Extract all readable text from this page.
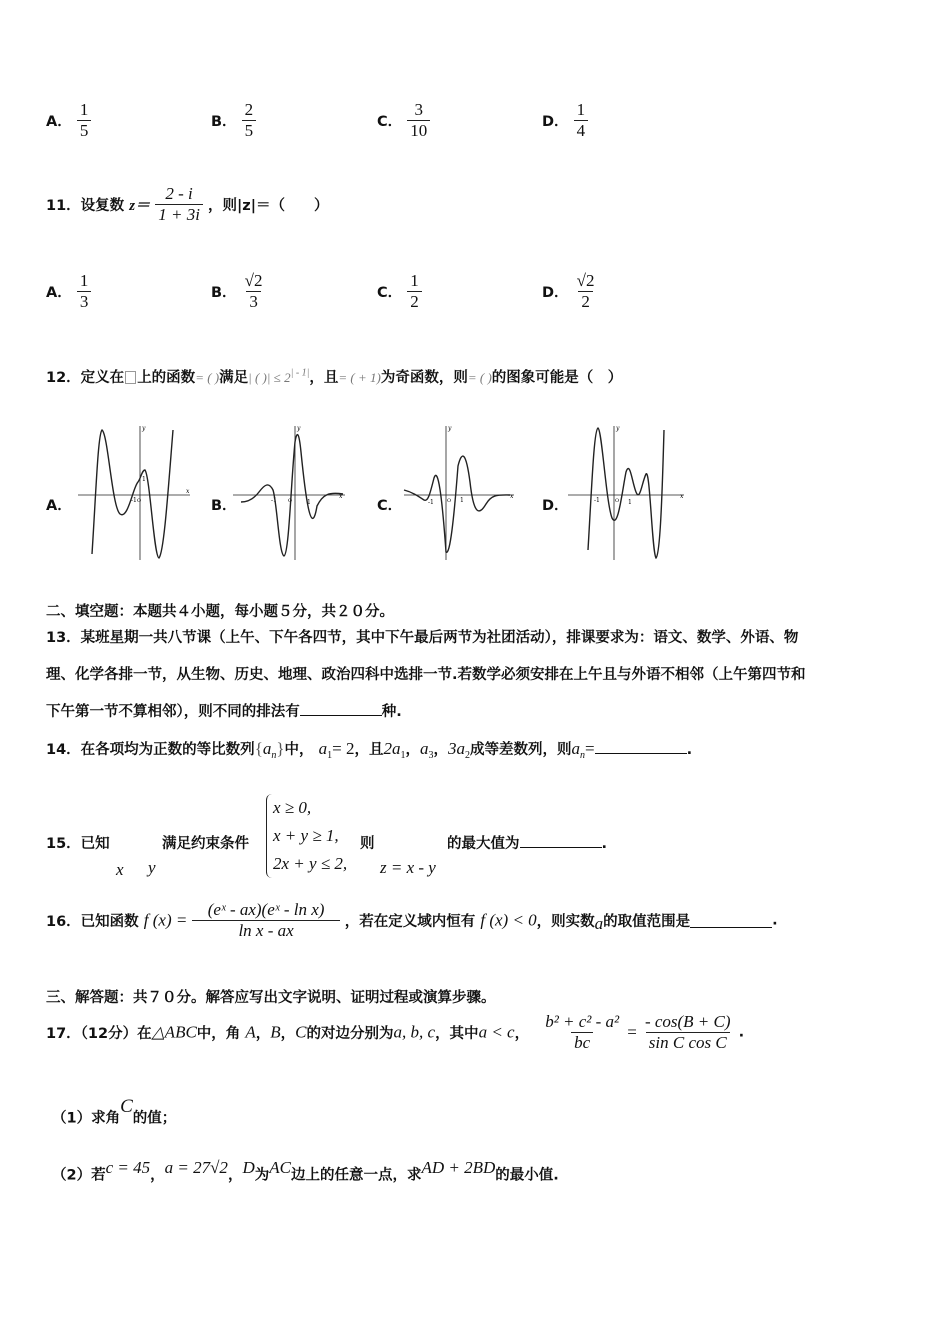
A． $\frac{1}{5}$	B． $\frac{2}{5}$	C． $\frac{3}{10}$	D． $\frac{1}{4}$
11．设复数 $z= \frac{2 - i}{1 + 3i}$ ，则|z|＝（　　）
A． $\frac{1}{3}$	B． $\frac{√2}{3}$	C． $\frac{1}{2}$	D． $\frac{√2}{2}$
12．定义在 上的函数= ( )满足| ( )| ≤ $2^{| - 1|}$，且= ( + 1)为奇函数，则= ( )的图象可能是（　）
A．	B．	C．	D．
x
y
-1 O
1
x
y
-1 O 1
x
y
-1	O 1
x
y
-1	O 1
二、填空题：本题共４小题，每小题５分，共２０分。
13．某班星期一共八节课（上午、下午各四节，其中下午最后两节为社团活动），排课要求为：语文、数学、外语、物
理、化学各排一节，从生物、历史、地理、政治四科中选排一节.若数学必须安排在上午且与外语不相邻（上午第四节和
下午第一节不算相邻），则不同的排法有	种.
14．在各项均为正数的等比数列$\{a_n\}$中， $a_1= 2$，且$2a_1$，$a_3$，$3a_2$成等差数列，则$a_n=$	.
15．已知
x y
满足约束条件
x ≥ 0,
x + y ≥ 1,
2x + y ≤ 2,
则
z = x - y
的最大值为	.
16．已知函数 f $(x) = \frac{\text{(eˣ - ax)(eˣ - ln x)}}{\text{ln x - ax}}$ ，若在定义域内恒有 f (x) < 0，则实数a的取值范围是	.
三、解答题：共７０分。解答应写出文字说明、证明过程或演算步骤。
17．（12分）在△ABC中，角 A，B，C的对边分别为a, b, c，其中a < c， $\frac{\text{b² + c² - a²}}{bc} = \frac{- \cos(B + C)}{\text{sin C cos C}}$ .
（1）求角C的值；
（2）若c = 45，a = 27√2，D为AC边上的任意一点，求AD + 2BD的最小值.
